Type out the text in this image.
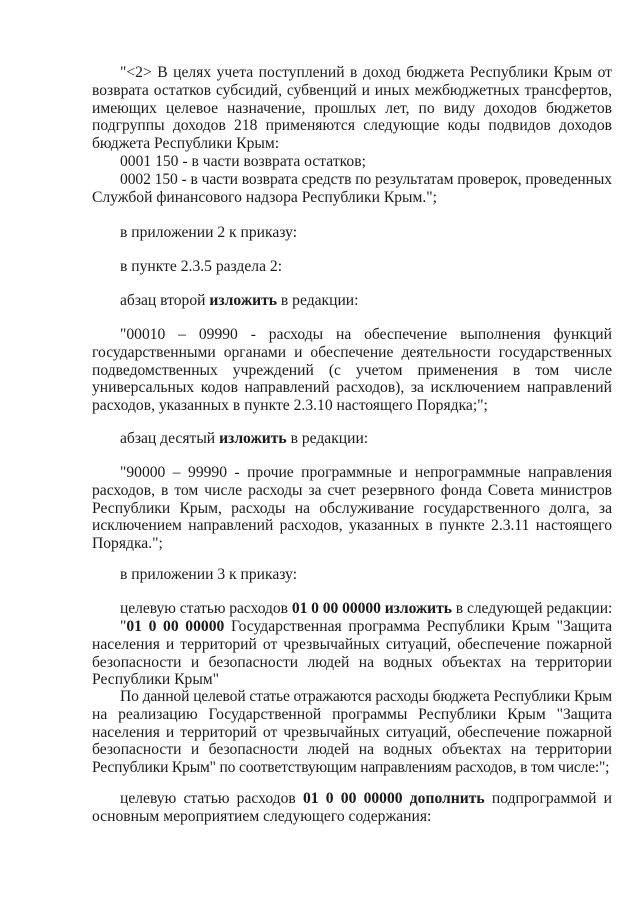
"<2> В целях учета поступлений в доход бюджета Республики Крым от
возврата остатков субсидий, субвенций и иных межбюджетных трансфертов,
имеющих целевое назначение, прошлых лет, по виду доходов бюджетов
подгруппы доходов 218 применяются следующие коды подвидов доходов
бюджета Республики Крым:
0001 150 - в части возврата остатков;
0002 150 - в части возврата средств по результатам проверок, проведенных
Службой финансового надзора Республики Крым.";
в приложении 2 к приказу:
в пункте 2.3.5 раздела 2:
абзац второй изложить в редакции:
"00010 – 09990 - расходы на обеспечение выполнения функций
государственными органами и обеспечение деятельности государственных
подведомственных учреждений (с учетом применения в том числе
универсальных кодов направлений расходов), за исключением направлений
расходов, указанных в пункте 2.3.10 настоящего Порядка;";
абзац десятый изложить в редакции:
"90000 – 99990 - прочие программные и непрограммные направления
расходов, в том числе расходы за счет резервного фонда Совета министров
Республики Крым, расходы на обслуживание государственного долга, за
исключением направлений расходов, указанных в пункте 2.3.11 настоящего
Порядка.";
в приложении 3 к приказу:
целевую статью расходов 01 0 00 00000 изложить в следующей редакции:
"01 0 00 00000 Государственная программа Республики Крым "Защита
населения и территорий от чрезвычайных ситуаций, обеспечение пожарной
безопасности и безопасности людей на водных объектах на территории
Республики Крым"
По данной целевой статье отражаются расходы бюджета Республики Крым
на реализацию Государственной программы Республики Крым "Защита
населения и территорий от чрезвычайных ситуаций, обеспечение пожарной
безопасности и безопасности людей на водных объектах на территории
Республики Крым" по соответствующим направлениям расходов, в том числе:";
целевую статью расходов 01 0 00 00000 дополнить подпрограммой и
основным мероприятием следующего содержания:
